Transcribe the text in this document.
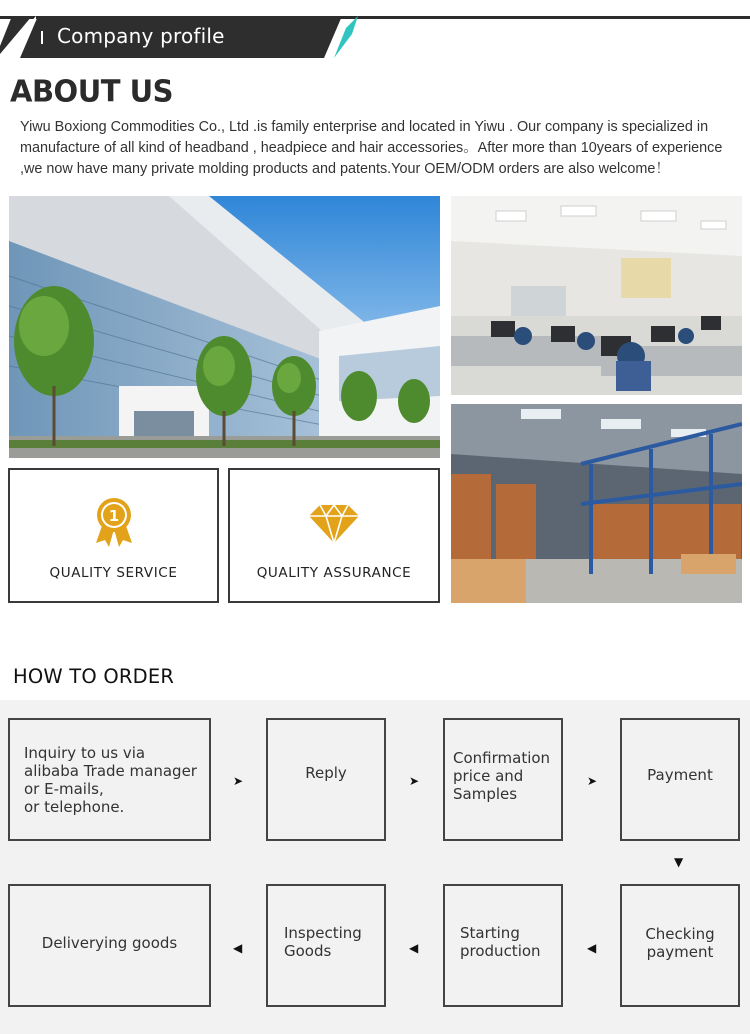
Company profile
ABOUT US
Yiwu Boxiong Commodities Co., Ltd .is family enterprise and located in Yiwu . Our company is specialized in
manufacture of all kind of headband , headpiece and hair accessories。After more than 10years of experience
,we now have many private molding products and patents.Your OEM/ODM orders are also welcome！
1
QUALITY SERVICE	QUALITY ASSURANCE
HOW TO ORDER
Inquiry to us via
alibaba Trade manager
or E-mails,
or telephone.
Reply
Confirmation
price and
Samples
Payment
Checking
payment
Starting
production
Inspecting
Goods
Deliverying goods
➤	➤	➤
▼
◀
◀
◀
